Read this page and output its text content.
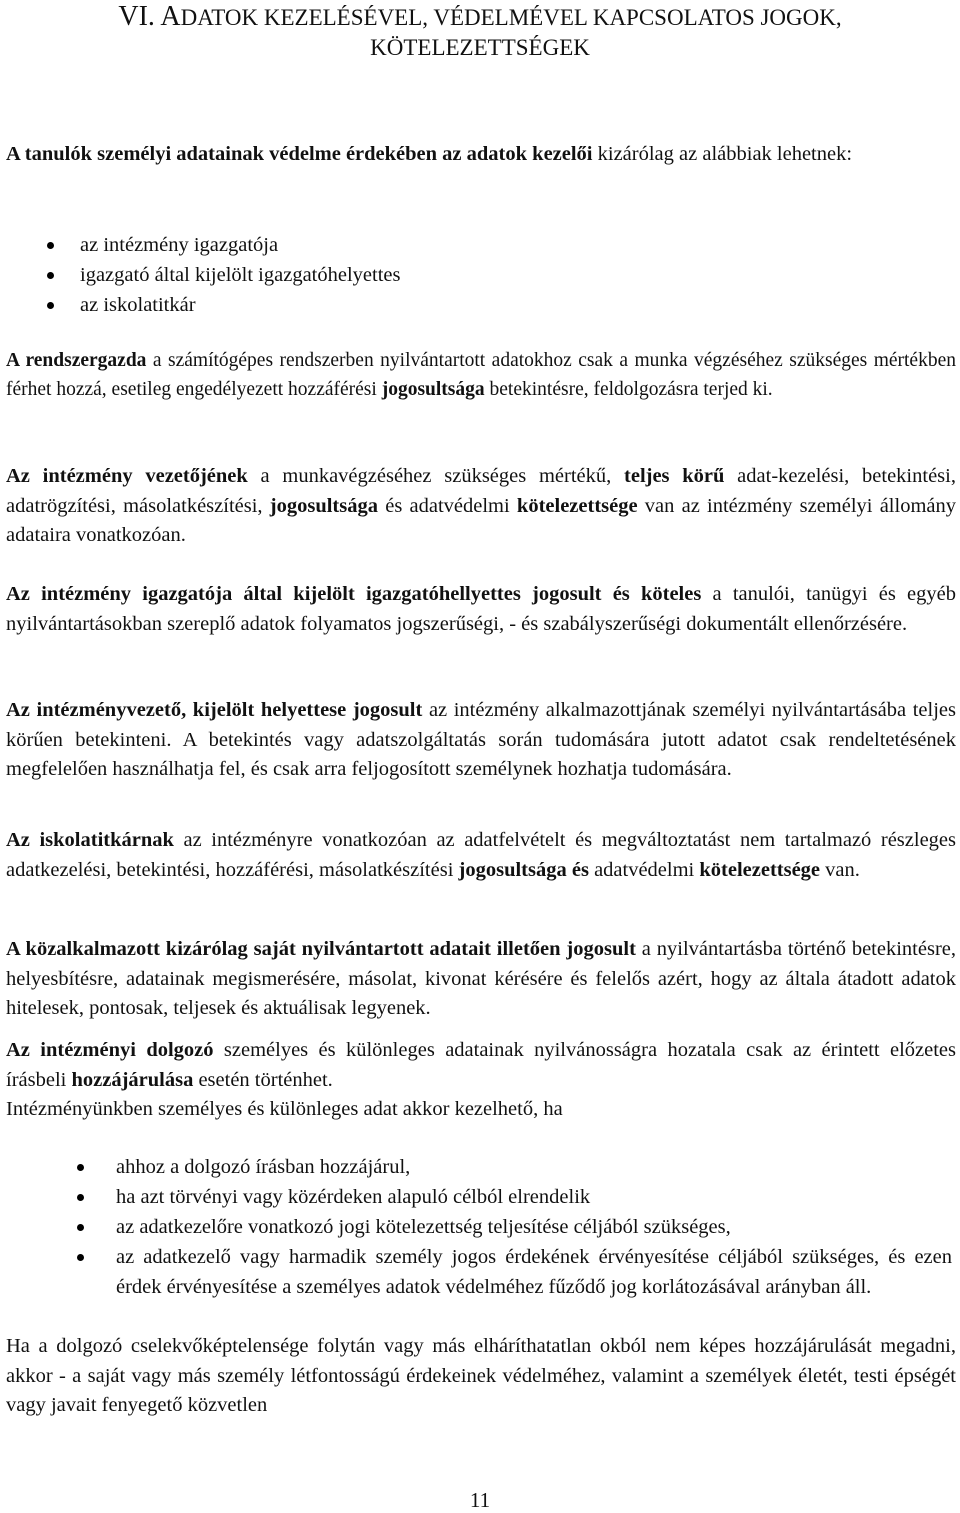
VI. ADATOK KEZELÉSÉVEL, VÉDELMÉVEL KAPCSOLATOS JOGOK,
KÖTELEZETTSÉGEK
A tanulók személyi adatainak védelme érdekében az adatok kezelői kizárólag az alábbiak lehetnek:
az intézmény igazgatója
igazgató által kijelölt igazgatóhelyettes
az iskolatitkár
A rendszergazda a számítógépes rendszerben nyilvántartott adatokhoz csak a munka végzéséhez szükséges mértékben férhet hozzá, esetileg engedélyezett hozzáférési jogosultsága betekintésre, feldolgozásra terjed ki.
Az intézmény vezetőjének a munkavégzéséhez szükséges mértékű, teljes körű adat-kezelési, betekintési, adatrögzítési, másolatkészítési, jogosultsága és adatvédelmi kötelezettsége van az intézmény személyi állomány adataira vonatkozóan.
Az intézmény igazgatója által kijelölt igazgatóhellyettes jogosult és köteles a tanulói, tanügyi és egyéb nyilvántartásokban szereplő adatok folyamatos jogszerűségi, - és szabályszerűségi dokumentált ellenőrzésére.
Az intézményvezető, kijelölt helyettese jogosult az intézmény alkalmazottjának személyi nyilvántartásába teljes körűen betekinteni. A betekintés vagy adatszolgáltatás során tudomására jutott adatot csak rendeltetésének megfelelően használhatja fel, és csak arra feljogosított személynek hozhatja tudomására.
Az iskolatitkárnak az intézményre vonatkozóan az adatfelvételt és megváltoztatást nem tartalmazó részleges adatkezelési, betekintési, hozzáférési, másolatkészítési jogosultsága és adatvédelmi kötelezettsége van.
A közalkalmazott kizárólag saját nyilvántartott adatait illetően jogosult a nyilvántartásba történő betekintésre, helyesbítésre, adatainak megismerésére, másolat, kivonat kérésére és felelős azért, hogy az általa átadott adatok hitelesek, pontosak, teljesek és aktuálisak legyenek.
Az intézményi dolgozó személyes és különleges adatainak nyilvánosságra hozatala csak az érintett előzetes írásbeli hozzájárulása esetén történhet.
Intézményünkben személyes és különleges adat akkor kezelhető, ha
ahhoz a dolgozó írásban hozzájárul,
ha azt törvényi vagy közérdeken alapuló célból elrendelik
az adatkezelőre vonatkozó jogi kötelezettség teljesítése céljából szükséges,
az adatkezelő vagy harmadik személy jogos érdekének érvényesítése céljából szükséges, és ezen érdek érvényesítése a személyes adatok védelméhez fűződő jog korlátozásával arányban áll.
Ha a dolgozó cselekvőképtelensége folytán vagy más elháríthatatlan okból nem képes hozzájárulását megadni, akkor - a saját vagy más személy létfontosságú érdekeinek védelméhez, valamint a személyek életét, testi épségét vagy javait fenyegető közvetlen
11
